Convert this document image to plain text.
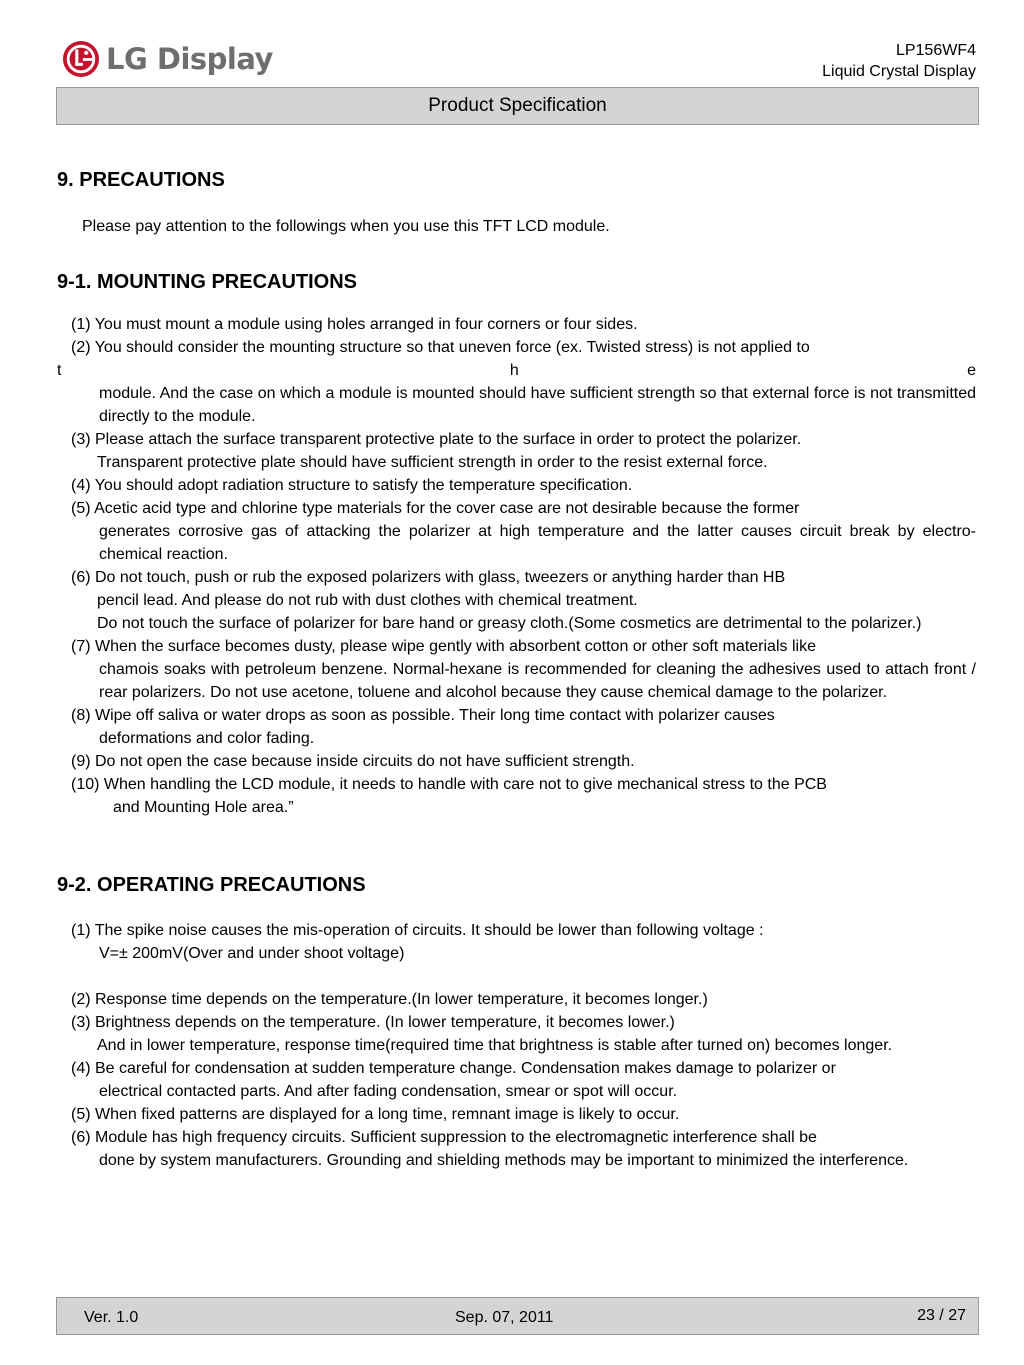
LG Display	LP156WF4
Liquid Crystal Display
Product Specification
9. PRECAUTIONS
Please pay attention to the followings when you use this TFT LCD module.
9-1. MOUNTING PRECAUTIONS
(1) You must mount a module using holes arranged in four corners or four sides.
(2) You should consider the mounting structure so that uneven force (ex. Twisted stress) is not applied to
t	h	e
module. And the case on which a module is mounted should have sufficient strength so that external force is not transmitted directly to the module.
(3) Please attach the surface transparent protective plate to the surface in order to protect the polarizer.
Transparent protective plate should have sufficient strength in order to the resist external force.
(4) You should adopt radiation structure to satisfy the temperature specification.
(5) Acetic acid type and chlorine type materials for the cover case are not desirable because the former
generates corrosive gas of attacking the polarizer at high temperature and the latter causes circuit break by electro-chemical reaction.
(6) Do not touch, push or rub the exposed polarizers with glass, tweezers or anything harder than HB
pencil lead. And please do not rub with dust clothes with chemical treatment.
Do not touch the surface of polarizer for bare hand or greasy cloth.(Some cosmetics are detrimental to the polarizer.)
(7) When the surface becomes dusty, please wipe gently with absorbent cotton or other soft materials like
chamois soaks with petroleum benzene. Normal-hexane is recommended for cleaning the adhesives used to attach front / rear polarizers. Do not use acetone, toluene and alcohol because they cause chemical damage to the polarizer.
(8) Wipe off saliva or water drops as soon as possible. Their long time contact with polarizer causes
deformations and color fading.
(9) Do not open the case because inside circuits do not have sufficient strength.
(10) When handling the LCD module, it needs to handle with care not to give mechanical stress to the PCB
and Mounting Hole area.”
9-2. OPERATING PRECAUTIONS
(1) The spike noise causes the mis-operation of circuits. It should be lower than following voltage :
V=± 200mV(Over and under shoot voltage)
(2) Response time depends on the temperature.(In lower temperature, it becomes longer.)
(3) Brightness depends on the temperature. (In lower temperature, it becomes lower.)
And in lower temperature, response time(required time that brightness is stable after turned on) becomes longer.
(4) Be careful for condensation at sudden temperature change. Condensation makes damage to polarizer or
electrical contacted parts. And after fading condensation, smear or spot will occur.
(5) When fixed patterns are displayed for a long time, remnant image is likely to occur.
(6) Module has high frequency circuits. Sufficient suppression to the electromagnetic interference shall be
done by system manufacturers. Grounding and shielding methods may be important to minimized the interference.
Ver. 1.0	Sep. 07, 2011	23 / 27
